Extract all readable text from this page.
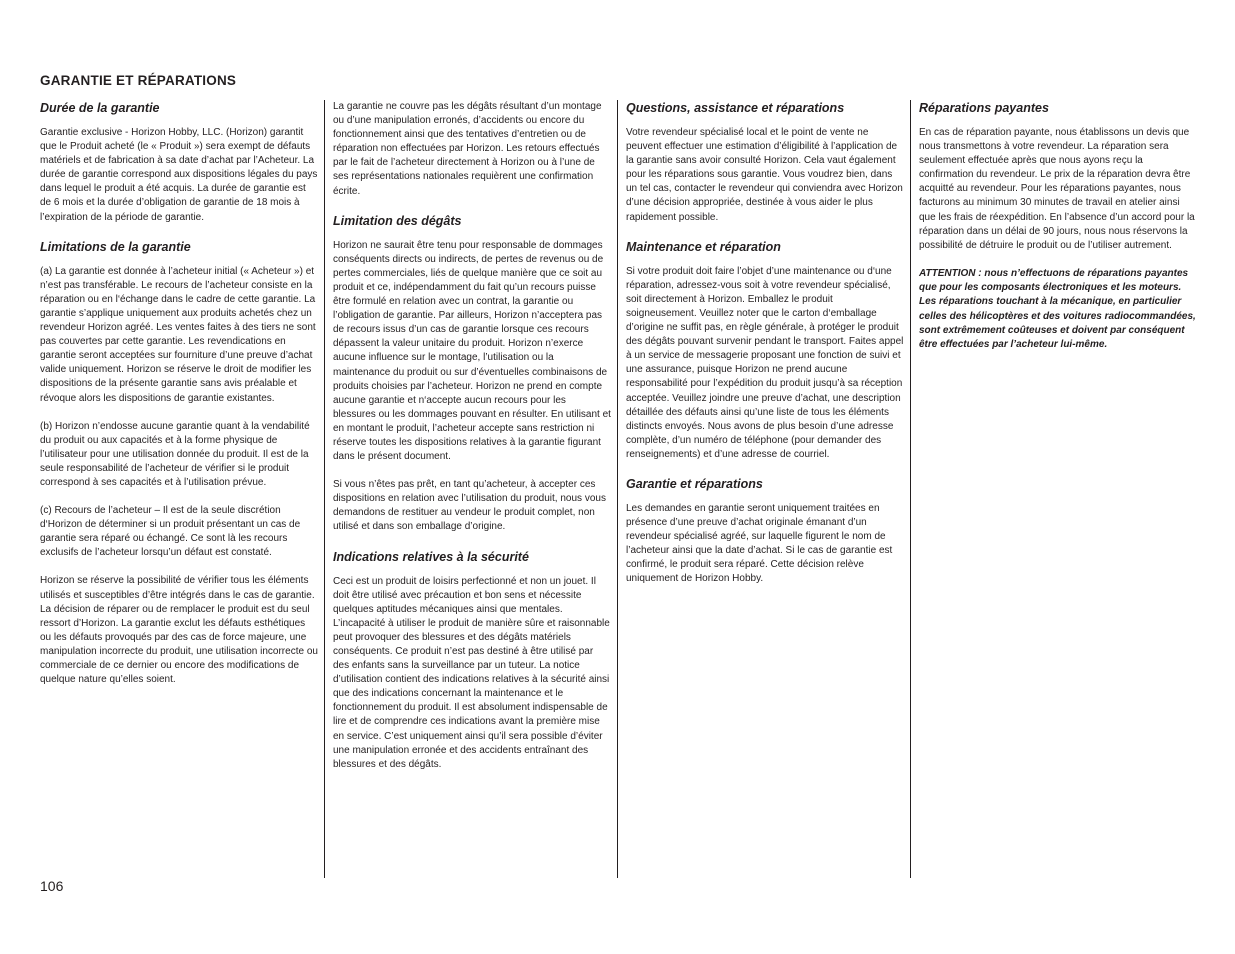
GARANTIE ET RÉPARATIONS
Durée de la garantie

Garantie exclusive - Horizon Hobby, LLC. (Horizon) garantit que le Produit acheté (le « Produit ») sera exempt de défauts matériels et de fabrication à sa date d’achat par l’Acheteur. La durée de garantie correspond aux dispositions légales du pays dans lequel le produit a été acquis. La durée de garantie est de 6 mois et la durée d’obligation de garantie de 18 mois à l’expiration de la période de garantie.

Limitations de la garantie

(a) La garantie est donnée à l’acheteur initial (« Acheteur ») et n’est pas transférable. Le recours de l’acheteur consiste en la réparation ou en l‘échange dans le cadre de cette garantie. La garantie s’applique uniquement aux produits achetés chez un revendeur Horizon agréé. Les ventes faites à des tiers ne sont pas couvertes par cette garantie. Les revendications en garantie seront acceptées sur fourniture d’une preuve d’achat valide uniquement. Horizon se réserve le droit de modifier les dispositions de la présente garantie sans avis préalable et révoque alors les dispositions de garantie existantes.

(b) Horizon n’endosse aucune garantie quant à la vendabilité du produit ou aux capacités et à la forme physique de l’utilisateur pour une utilisation donnée du produit. Il est de la seule responsabilité de l’acheteur de vérifier si le produit correspond à ses capacités et à l’utilisation prévue.

(c) Recours de l’acheteur – Il est de la seule discrétion d‘Horizon de déterminer si un produit présentant un cas de garantie sera réparé ou échangé. Ce sont là les recours exclusifs de l’acheteur lorsqu’un défaut est constaté.

Horizon se réserve la possibilité de vérifier tous les éléments utilisés et susceptibles d’être intégrés dans le cas de garantie. La décision de réparer ou de remplacer le produit est du seul ressort d’Horizon. La garantie exclut les défauts esthétiques ou les défauts provoqués par des cas de force majeure, une manipulation incorrecte du produit, une utilisation incorrecte ou commerciale de ce dernier ou encore des modifications de quelque nature qu’elles soient.

La garantie ne couvre pas les dégâts résultant d’un montage ou d’une manipulation erronés, d’accidents ou encore du fonctionnement ainsi que des tentatives d’entretien ou de réparation non effectuées par Horizon. Les retours effectués par le fait de l’acheteur directement à Horizon ou à l’une de ses représentations nationales requièrent une confirmation écrite.

Limitation des dégâts

Horizon ne saurait être tenu pour responsable de dommages conséquents directs ou indirects, de pertes de revenus ou de pertes commerciales, liés de quelque manière que ce soit au produit et ce, indépendamment du fait qu’un recours puisse être formulé en relation avec un contrat, la garantie ou l’obligation de garantie. Par ailleurs, Horizon n’acceptera pas de recours issus d’un cas de garantie lorsque ces recours dépassent la valeur unitaire du produit. Horizon n’exerce aucune influence sur le montage, l’utilisation ou la maintenance du produit ou sur d’éventuelles combinaisons de produits choisies par l’acheteur. Horizon ne prend en compte aucune garantie et n‘accepte aucun recours pour les blessures ou les dommages pouvant en résulter. En utilisant et en montant le produit, l’acheteur accepte sans restriction ni réserve toutes les dispositions relatives à la garantie figurant dans le présent document.

Si vous n’êtes pas prêt, en tant qu’acheteur, à accepter ces dispositions en relation avec l’utilisation du produit, nous vous demandons de restituer au vendeur le produit complet, non utilisé et dans son emballage d’origine.

Indications relatives à la sécurité

Ceci est un produit de loisirs perfectionné et non un jouet. Il doit être utilisé avec précaution et bon sens et nécessite quelques aptitudes mécaniques ainsi que mentales. L’incapacité à utiliser le produit de manière sûre et raisonnable peut provoquer des blessures et des dégâts matériels conséquents. Ce produit n’est pas destiné à être utilisé par des enfants sans la surveillance par un tuteur. La notice d’utilisation contient des indications relatives à la sécurité ainsi que des indications concernant la maintenance et le fonctionnement du produit. Il est absolument indispensable de lire et de comprendre ces indications avant la première mise en service. C’est uniquement ainsi qu’il sera possible d’éviter une manipulation erronée et des accidents entraînant des blessures et des dégâts.

Questions, assistance et réparations

Votre revendeur spécialisé local et le point de vente ne peuvent effectuer une estimation d’éligibilité à l’application de la garantie sans avoir consulté Horizon. Cela vaut également pour les réparations sous garantie. Vous voudrez bien, dans un tel cas, contacter le revendeur qui conviendra avec Horizon d’une décision appropriée, destinée à vous aider le plus rapidement possible.

Maintenance et réparation

Si votre produit doit faire l’objet d’une maintenance ou d‘une réparation, adressez-vous soit à votre revendeur spécialisé, soit directement à Horizon. Emballez le produit soigneusement. Veuillez noter que le carton d‘emballage d’origine ne suffit pas, en règle générale, à protéger le produit des dégâts pouvant survenir pendant le transport. Faites appel à un service de messagerie proposant une fonction de suivi et une assurance, puisque Horizon ne prend aucune responsabilité pour l’expédition du produit jusqu’à sa réception acceptée. Veuillez joindre une preuve d’achat, une description détaillée des défauts ainsi qu’une liste de tous les éléments distincts envoyés. Nous avons de plus besoin d’une adresse complète, d’un numéro de téléphone (pour demander des renseignements) et d’une adresse de courriel.

Garantie et réparations

Les demandes en garantie seront uniquement traitées en présence d’une preuve d’achat originale émanant d’un revendeur spécialisé agréé, sur laquelle figurent le nom de l’acheteur ainsi que la date d’achat. Si le cas de garantie est confirmé, le produit sera réparé. Cette décision relève uniquement de Horizon Hobby.

Réparations payantes

En cas de réparation payante, nous établissons un devis que nous transmettons à votre revendeur. La réparation sera seulement effectuée après que nous ayons reçu la confirmation du revendeur. Le prix de la réparation devra être acquitté au revendeur. Pour les réparations payantes, nous facturons au minimum 30 minutes de travail en atelier ainsi que les frais de réexpédition. En l’absence d’un accord pour la réparation dans un délai de 90 jours, nous nous réservons la possibilité de détruire le produit ou de l’utiliser autrement.

ATTENTION : nous n’effectuons de réparations payantes que pour les composants électroniques et les moteurs. Les réparations touchant à la mécanique, en particulier celles des hélicoptères et des voitures radiocommandées, sont extrêmement coûteuses et doivent par conséquent être effectuées par l’acheteur lui-même.

106
